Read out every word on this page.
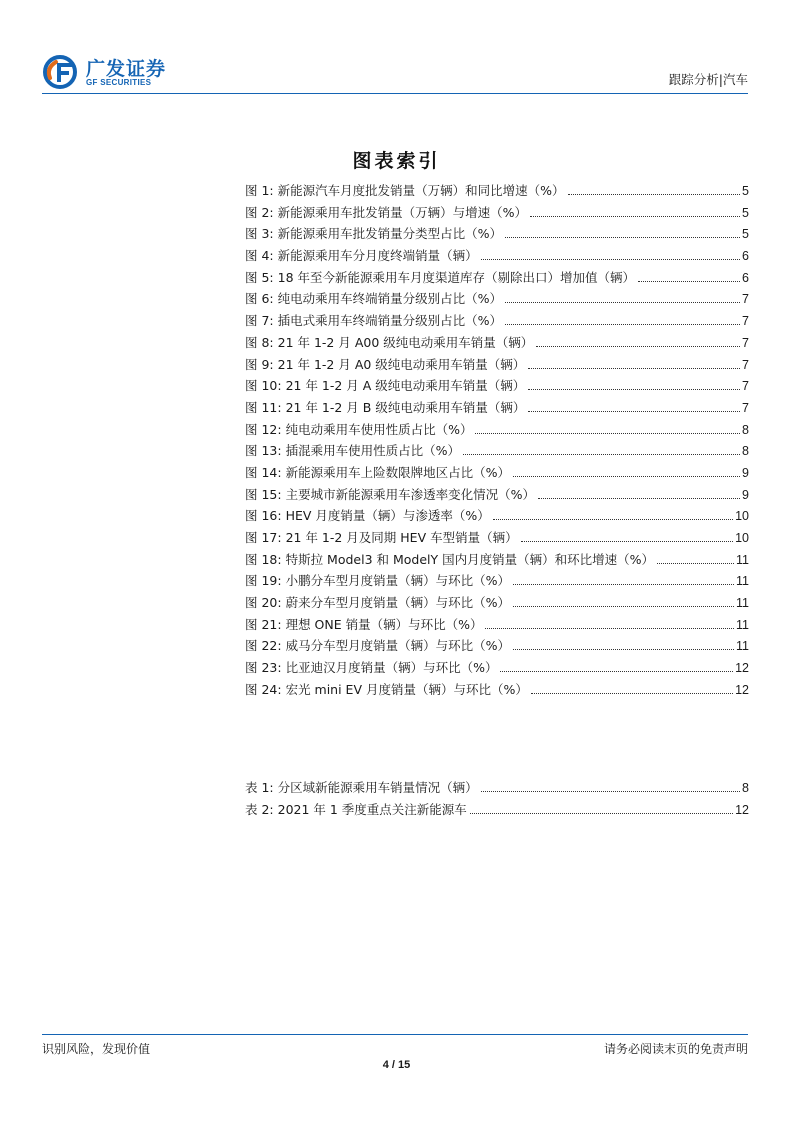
广发证券
GF SECURITIES	跟踪分析|汽车
图表索引
图 1: 新能源汽车月度批发销量（万辆）和同比增速（%）	5
图 2: 新能源乘用车批发销量（万辆）与增速（%）	5
图 3: 新能源乘用车批发销量分类型占比（%）	5
图 4: 新能源乘用车分月度终端销量（辆）	6
图 5: 18 年至今新能源乘用车月度渠道库存（剔除出口）增加值（辆）	6
图 6: 纯电动乘用车终端销量分级别占比（%）	7
图 7: 插电式乘用车终端销量分级别占比（%）	7
图 8: 21 年 1-2 月 A00 级纯电动乘用车销量（辆）	7
图 9: 21 年 1-2 月 A0 级纯电动乘用车销量（辆）	7
图 10: 21 年 1-2 月 A 级纯电动乘用车销量（辆）	7
图 11: 21 年 1-2 月 B 级纯电动乘用车销量（辆）	7
图 12: 纯电动乘用车使用性质占比（%）	8
图 13: 插混乘用车使用性质占比（%）	8
图 14: 新能源乘用车上险数限牌地区占比（%）	9
图 15: 主要城市新能源乘用车渗透率变化情况（%）	9
图 16: HEV 月度销量（辆）与渗透率（%）	10
图 17: 21 年 1-2 月及同期 HEV 车型销量（辆）	10
图 18: 特斯拉 Model3 和 ModelY 国内月度销量（辆）和环比增速（%）	11
图 19: 小鹏分车型月度销量（辆）与环比（%）	11
图 20: 蔚来分车型月度销量（辆）与环比（%）	11
图 21: 理想 ONE 销量（辆）与环比（%）	11
图 22: 威马分车型月度销量（辆）与环比（%）	11
图 23: 比亚迪汉月度销量（辆）与环比（%）	12
图 24: 宏光 mini EV 月度销量（辆）与环比（%）	12
表 1: 分区域新能源乘用车销量情况（辆）	8
表 2: 2021 年 1 季度重点关注新能源车	12
识别风险，发现价值	请务必阅读末页的免责声明
4 / 15
